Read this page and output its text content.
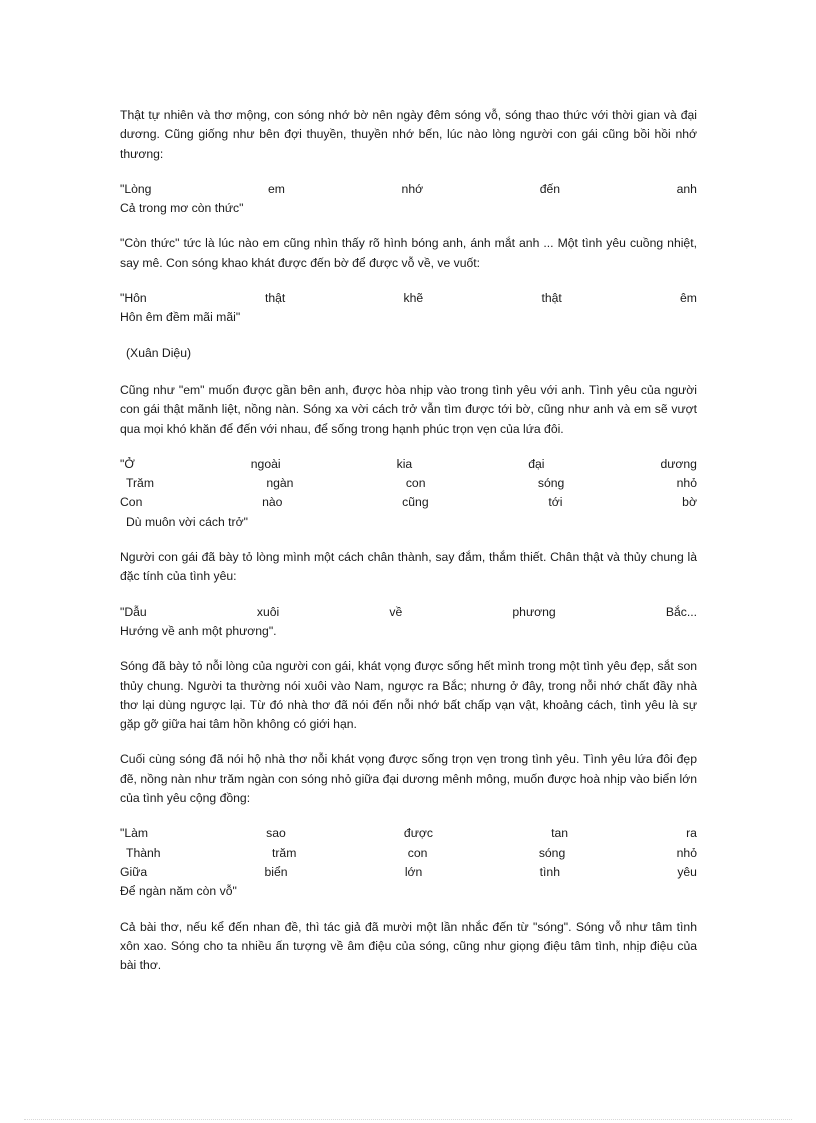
Thật tự nhiên và thơ mộng, con sóng nhớ bờ nên ngày đêm sóng vỗ, sóng thao thức với thời gian và đại dương. Cũng giống như bên đợi thuyền, thuyền nhớ bến, lúc nào lòng người con gái cũng bồi hồi nhớ thương:

"Lòng	em	nhớ	đến	anh
Cả trong mơ còn thức"

"Còn thức" tức là lúc nào em cũng nhìn thấy rõ hình bóng anh, ánh mắt anh ... Một tình yêu cuồng nhiệt, say mê. Con sóng khao khát được đến bờ để được vỗ về, ve vuốt:

"Hôn	thật	khẽ	thật	êm
Hôn êm đềm mãi mãi"
(Xuân Diệu)

Cũng như "em" muốn được gần bên anh, được hòa nhịp vào trong tình yêu với anh. Tình yêu của người con gái thật mãnh liệt, nồng nàn. Sóng xa vời cách trở vẫn tìm được tới bờ, cũng như anh và em sẽ vượt qua mọi khó khăn để đến với nhau, để sống trong hạnh phúc trọn vẹn của lứa đôi.

"Ở	ngoài	kia	đại	dương
Trăm	ngàn	con	sóng	nhỏ
Con	nào	cũng	tới	bờ
Dù muôn vời cách trở"

Người con gái đã bày tỏ lòng mình một cách chân thành, say đắm, thắm thiết. Chân thật và thủy chung là đặc tính của tình yêu:

"Dẫu	xuôi	về	phương	Bắc...
Hướng về anh một phương".

Sóng đã bày tỏ nỗi lòng của người con gái, khát vọng được sống hết mình trong một tình yêu đẹp, sắt son thủy chung. Người ta thường nói xuôi vào Nam, ngược ra Bắc; nhưng ở đây, trong nỗi nhớ chất đầy nhà thơ lại dùng ngược lại. Từ đó nhà thơ đã nói đến nỗi nhớ bất chấp vạn vật, khoảng cách, tình yêu là sự gặp gỡ giữa hai tâm hồn không có giới hạn.

Cuối cùng sóng đã nói hộ nhà thơ nỗi khát vọng được sống trọn vẹn trong tình yêu. Tình yêu lứa đôi đẹp đẽ, nồng nàn như trăm ngàn con sóng nhỏ giữa đại dương mênh mông, muốn được hoà nhịp vào biển lớn của tình yêu cộng đồng:

"Làm	sao	được	tan	ra
Thành	trăm	con	sóng	nhỏ
Giữa	biển	lớn	tình	yêu
Để ngàn năm còn vỗ"

Cả bài thơ, nếu kể đến nhan đề, thì tác giả đã mười một lần nhắc đến từ "sóng". Sóng vỗ như tâm tình xôn xao. Sóng cho ta nhiều ấn tượng về âm điệu của sóng, cũng như giọng điệu tâm tình, nhịp điệu của bài thơ.
